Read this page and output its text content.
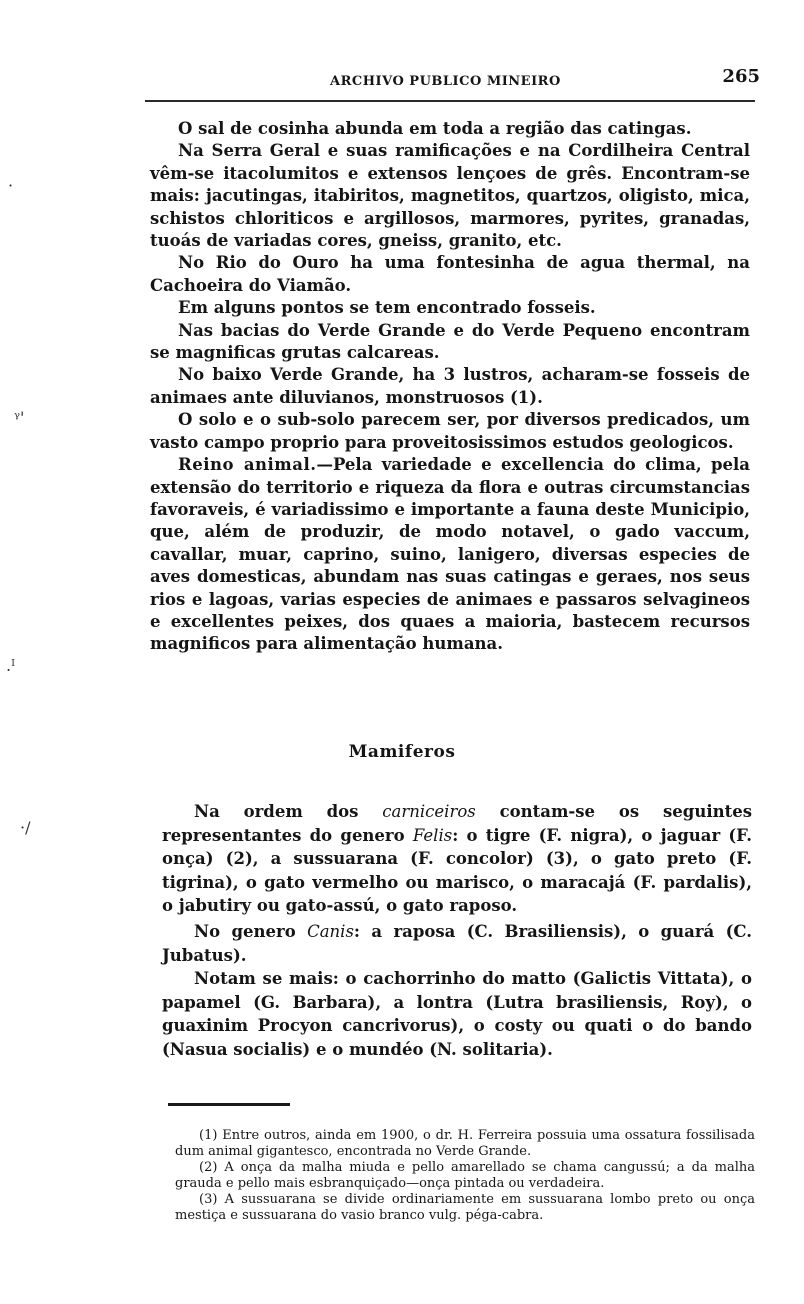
ARCHIVO PUBLICO MINEIRO	265
·
ᵞ'
.ᴵ
·/

O sal de cosinha abunda em toda a região das catingas.

Na Serra Geral e suas ramificações e na Cordilheira Central vêm-se itacolumitos e extensos lençoes de grês. Encontram-se mais: jacutingas, itabiritos, magnetitos, quartzos, oligisto, mica, schistos chloriticos e argillosos, marmores, pyrites, granadas, tuoás de variadas cores, gneiss, granito, etc.

No Rio do Ouro ha uma fontesinha de agua thermal, na Cachoeira do Viamão.

Em alguns pontos se tem encontrado fosseis.

Nas bacias do Verde Grande e do Verde Pequeno encontram se magnificas grutas calcareas.

No baixo Verde Grande, ha 3 lustros, acharam-se fosseis de animaes ante diluvianos, monstruosos (1).

O solo e o sub-solo parecem ser, por diversos predicados, um vasto campo proprio para proveitosissimos estudos geologicos.

Reino animal.—Pela variedade e excellencia do clima, pela extensão do territorio e riqueza da flora e outras circumstancias favoraveis, é variadissimo e importante a fauna deste Municipio, que, além de produzir, de modo notavel, o gado vaccum, cavallar, muar, caprino, suino, lanigero, diversas especies de aves domesticas, abundam nas suas catingas e geraes, nos seus rios e lagoas, varias especies de animaes e passaros selvagineos e excellentes peixes, dos quaes a maioria, bastecem recursos magnificos para alimentação humana.

Mamiferos

Na ordem dos carniceiros contam-se os seguintes representantes do genero Felis: o tigre (F. nigra), o jaguar (F. onça) (2), a sussuarana (F. concolor) (3), o gato preto (F. tigrina), o gato vermelho ou marisco, o maracajá (F. pardalis), o jabutiry ou gato-assú, o gato raposo.

No genero Canis: a raposa (C. Brasiliensis), o guará (C. Jubatus).

Notam se mais: o cachorrinho do matto (Galictis Vittata), o papamel (G. Barbara), a lontra (Lutra brasiliensis, Roy), o guaxinim Procyon cancrivorus), o costy ou quati o do bando (Nasua socialis) e o mundéo (N. solitaria).

(1) Entre outros, ainda em 1900, o dr. H. Ferreira possuia uma ossatura fossilisada dum animal gigantesco, encontrada no Verde Grande.

(2) A onça da malha miuda e pello amarellado se chama cangussú; a da malha grauda e pello mais esbranquiçado—onça pintada ou verdadeira.

(3) A sussuarana se divide ordinariamente em sussuarana lombo preto ou onça mestiça e sussuarana do vasio branco vulg. péga-cabra.
